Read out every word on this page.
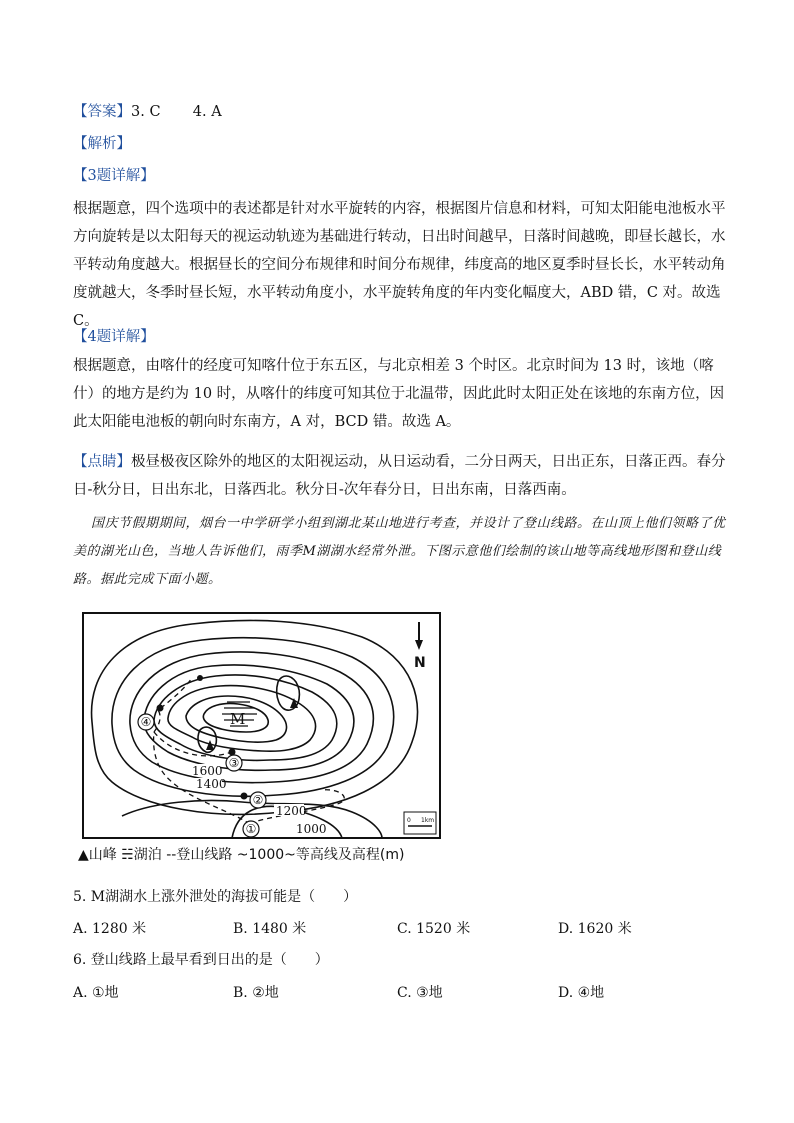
【答案】3. C       4. A
【解析】
【3题详解】
根据题意，四个选项中的表述都是针对水平旋转的内容，根据图片信息和材料，可知太阳能电池板水平方向旋转是以太阳每天的视运动轨迹为基础进行转动，日出时间越早，日落时间越晚，即昼长越长，水平转动角度越大。根据昼长的空间分布规律和时间分布规律，纬度高的地区夏季时昼长长，水平转动角度就越大，冬季时昼长短，水平转动角度小，水平旋转角度的年内变化幅度大，ABD 错，C 对。故选 C。
【4题详解】
根据题意，由喀什的经度可知喀什位于东五区，与北京相差 3 个时区。北京时间为 13 时，该地（喀什）的地方是约为 10 时，从喀什的纬度可知其位于北温带，因此此时太阳正处在该地的东南方位，因此太阳能电池板的朝向时东南方，A 对，BCD 错。故选 A。
【点睛】极昼极夜区除外的地区的太阳视运动，从日运动看，二分日两天，日出正东，日落正西。春分日-秋分日，日出东北，日落西北。秋分日-次年春分日，日出东南，日落西南。
国庆节假期期间，烟台一中学研学小组到湖北某山地进行考查，并设计了登山线路。在山顶上他们领略了优美的湖光山色，当地人告诉他们，雨季M湖湖水经常外泄。下图示意他们绘制的该山地等高线地形图和登山线路。据此完成下面小题。
M
①
②
③
④
1600
1400
1200
1000
N
0 1km
▲山峰 ☵湖泊 --登山线路 ~1000~等高线及高程(m)
5. M湖湖水上涨外泄处的海拔可能是（　　）
A. 1280 米	B. 1480 米	C. 1520 米	D. 1620 米
6. 登山线路上最早看到日出的是（　　）
A. ①地	B. ②地	C. ③地	D. ④地
